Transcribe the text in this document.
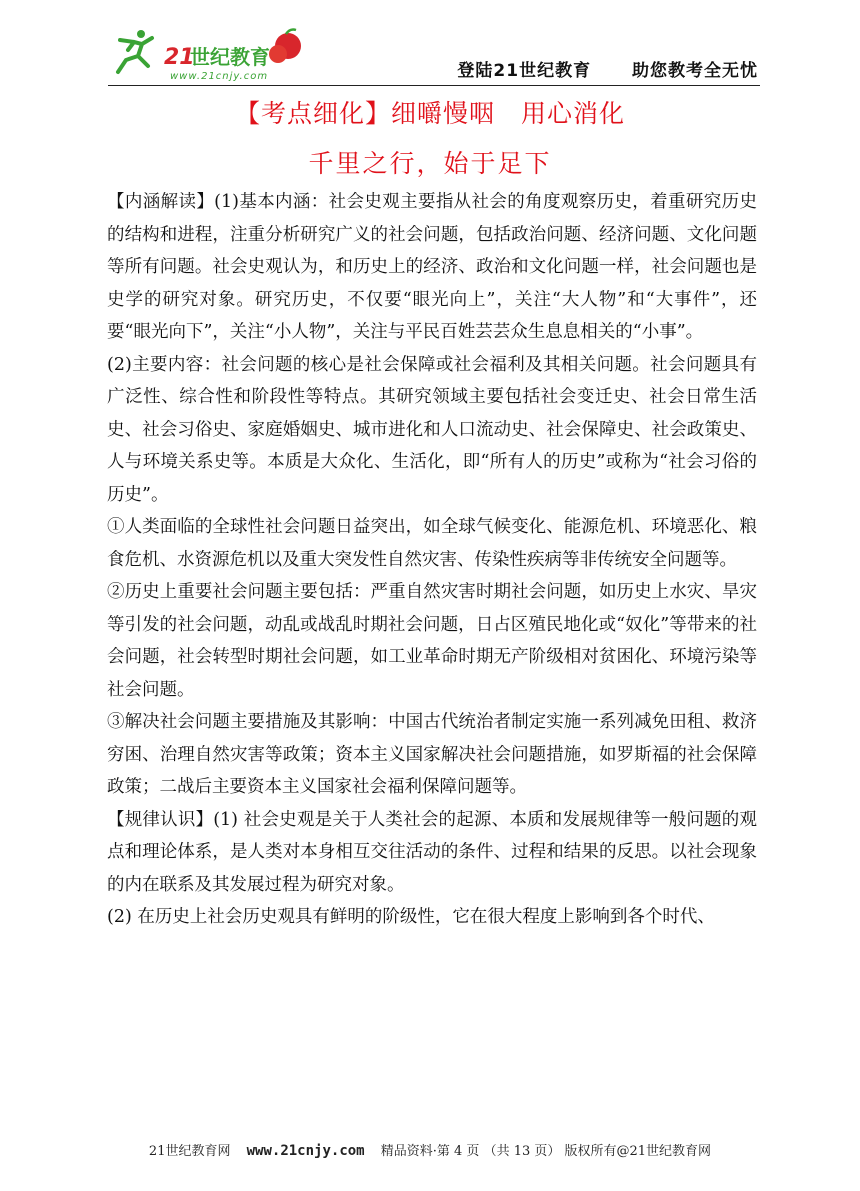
21
世纪教育
www.21cnjy.com	登陆21世纪教育 助您教考全无忧
【考点细化】细嚼慢咽　用心消化
千里之行，始于足下

【内涵解读】(1)基本内涵：社会史观主要指从社会的角度观察历史，着重研究历史的结构和进程，注重分析研究广义的社会问题，包括政治问题、经济问题、文化问题等所有问题。社会史观认为，和历史上的经济、政治和文化问题一样，社会问题也是史学的研究对象。研究历史，不仅要“眼光向上”，关注“大人物”和“大事件”，还要“眼光向下”，关注“小人物”，关注与平民百姓芸芸众生息息相关的“小事”。

(2)主要内容：社会问题的核心是社会保障或社会福利及其相关问题。社会问题具有广泛性、综合性和阶段性等特点。其研究领域主要包括社会变迁史、社会日常生活史、社会习俗史、家庭婚姻史、城市进化和人口流动史、社会保障史、社会政策史、人与环境关系史等。本质是大众化、生活化，即“所有人的历史”或称为“社会习俗的历史”。

①人类面临的全球性社会问题日益突出，如全球气候变化、能源危机、环境恶化、粮食危机、水资源危机以及重大突发性自然灾害、传染性疾病等非传统安全问题等。

②历史上重要社会问题主要包括：严重自然灾害时期社会问题，如历史上水灾、旱灾等引发的社会问题，动乱或战乱时期社会问题，日占区殖民地化或“奴化”等带来的社会问题，社会转型时期社会问题，如工业革命时期无产阶级相对贫困化、环境污染等社会问题。

③解决社会问题主要措施及其影响：中国古代统治者制定实施一系列减免田租、救济穷困、治理自然灾害等政策；资本主义国家解决社会问题措施，如罗斯福的社会保障政策；二战后主要资本主义国家社会福利保障问题等。

【规律认识】(1) 社会史观是关于人类社会的起源、本质和发展规律等一般问题的观点和理论体系，是人类对本身相互交往活动的条件、过程和结果的反思。以社会现象的内在联系及其发展过程为研究对象。

(2) 在历史上社会历史观具有鲜明的阶级性，它在很大程度上影响到各个时代、

21世纪教育网 www.21cnjy.com 精品资料·第 4 页 （共 13 页） 版权所有@21世纪教育网
